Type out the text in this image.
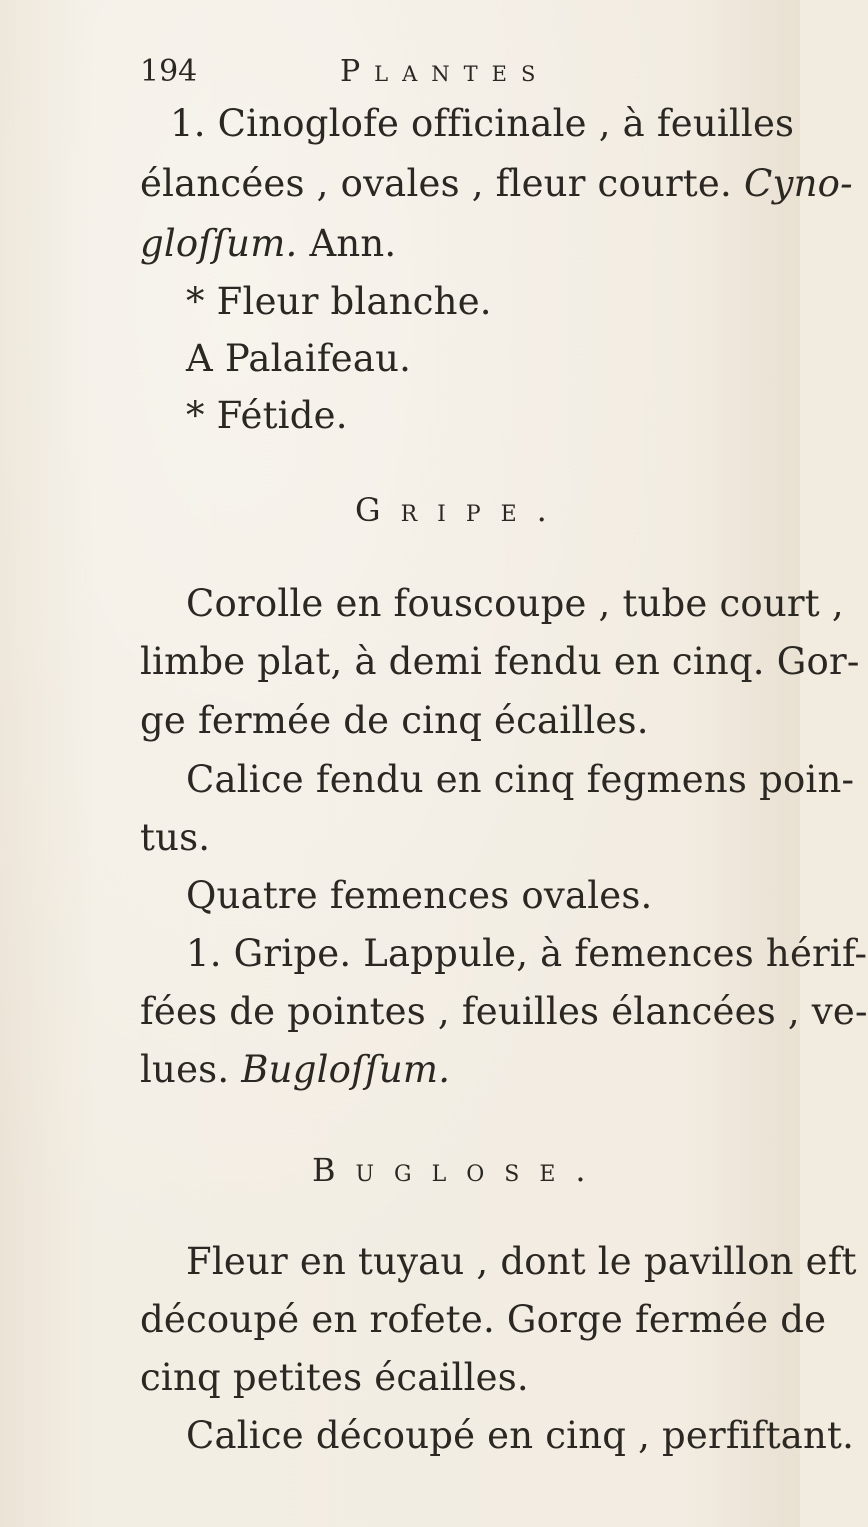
194	Plantes
1. Cinoglofe officinale , à feuilles
élancées , ovales , fleur courte. Cyno-
gloſſum. Ann.
* Fleur blanche.
A Palaifeau.
* Fétide.
Gripe.
Corolle en fouscoupe , tube court ,
limbe plat, à demi fendu en cinq. Gor-
ge fermée de cinq écailles.
Calice fendu en cinq fegmens poin-
tus.
Quatre femences ovales.
1. Gripe. Lappule, à femences hérif-
fées de pointes , feuilles élancées , ve-
lues. Bugloſſum.
Buglose.
Fleur en tuyau , dont le pavillon eft
découpé en rofete. Gorge fermée de
cinq petites écailles.
Calice découpé en cinq , perfiftant.
